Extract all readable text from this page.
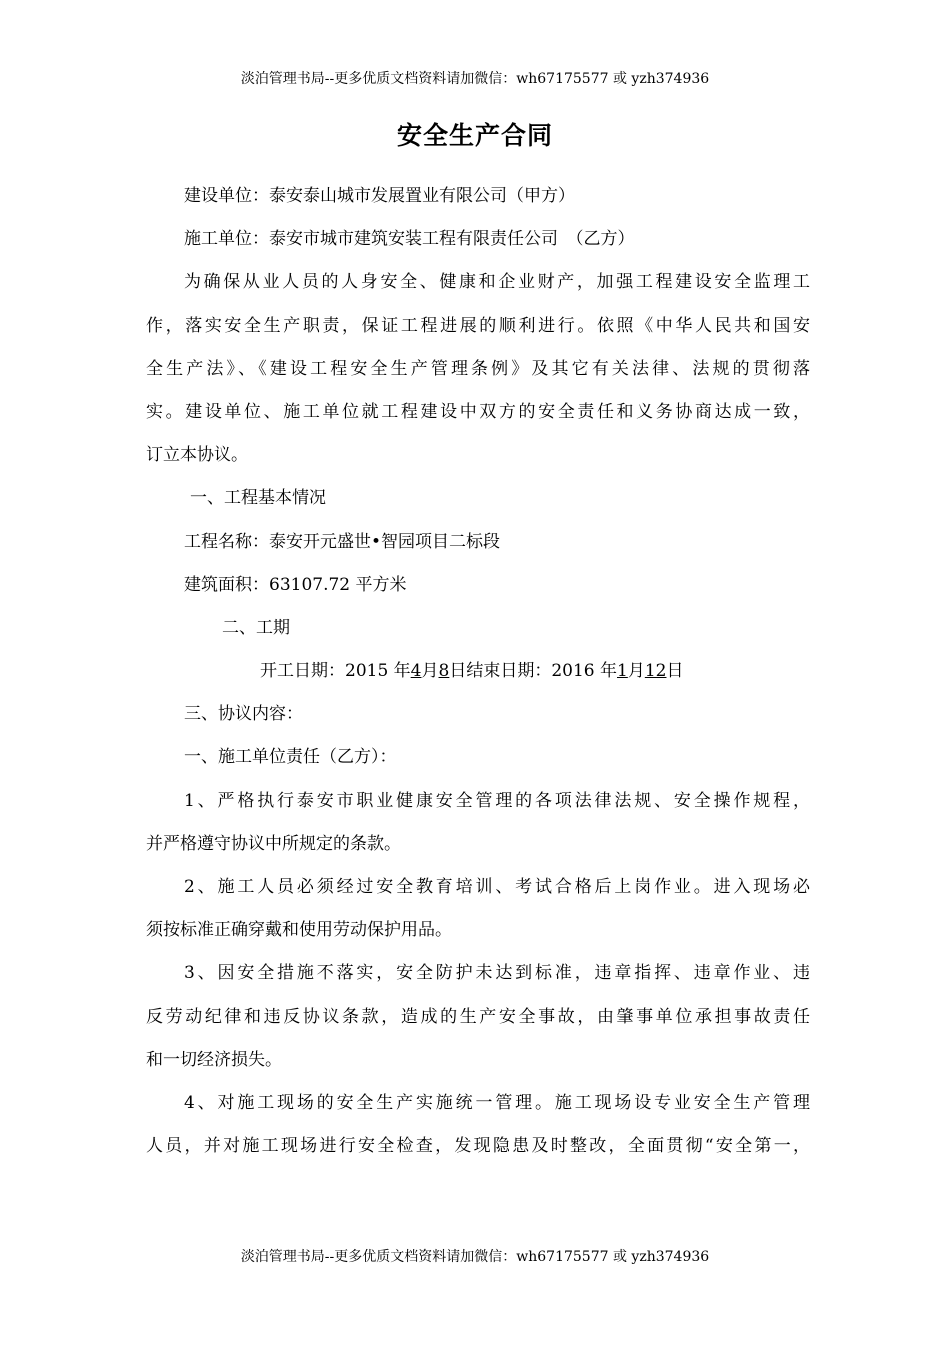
淡泊管理书局--更多优质文档资料请加微信：wh67175577 或 yzh374936
安全生产合同
建设单位：泰安泰山城市发展置业有限公司（甲方）
施工单位：泰安市城市建筑安装工程有限责任公司　（乙方）
为确保从业人员的人身安全、健康和企业财产，加强工程建设安全监理工
作，落实安全生产职责，保证工程进展的顺利进行。依照《中华人民共和国安
全生产法》、《建设工程安全生产管理条例》及其它有关法律、法规的贯彻落
实。建设单位、施工单位就工程建设中双方的安全责任和义务协商达成一致，
订立本协议。
一、工程基本情况
工程名称：泰安开元盛世•智园项目二标段
建筑面积：63107.72 平方米
二、工期
开工日期：2015 年4月8日结束日期：2016 年1月12日
三、协议内容：
一、施工单位责任（乙方）：
1、严格执行泰安市职业健康安全管理的各项法律法规、安全操作规程，
并严格遵守协议中所规定的条款。
2、施工人员必须经过安全教育培训、考试合格后上岗作业。进入现场必
须按标准正确穿戴和使用劳动保护用品。
3、因安全措施不落实，安全防护未达到标准，违章指挥、违章作业、违
反劳动纪律和违反协议条款，造成的生产安全事故，由肇事单位承担事故责任
和一切经济损失。
4、对施工现场的安全生产实施统一管理。施工现场设专业安全生产管理
人员，并对施工现场进行安全检查，发现隐患及时整改，全面贯彻“安全第一，
淡泊管理书局--更多优质文档资料请加微信：wh67175577 或 yzh374936
